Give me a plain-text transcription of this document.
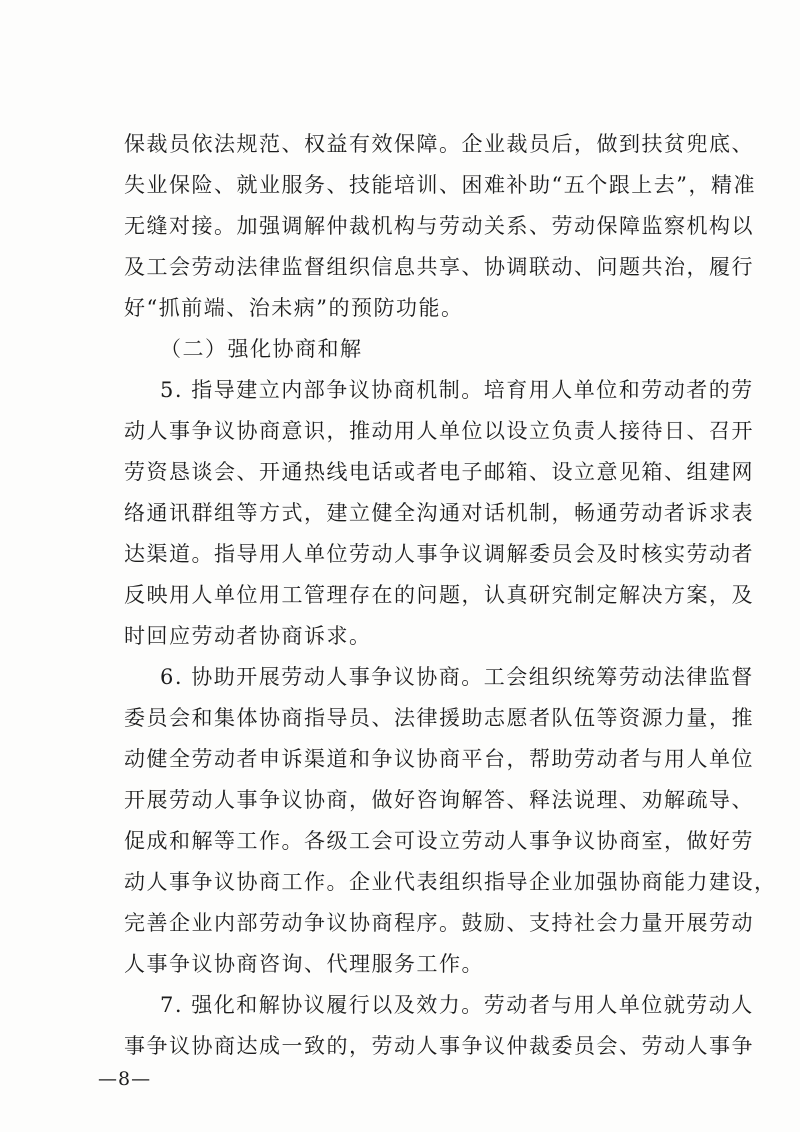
保裁员依法规范、权益有效保障。企业裁员后，做到扶贫兜底、
失业保险、就业服务、技能培训、困难补助“五个跟上去”，精准
无缝对接。加强调解仲裁机构与劳动关系、劳动保障监察机构以
及工会劳动法律监督组织信息共享、协调联动、问题共治，履行
好“抓前端、治未病”的预防功能。
（二）强化协商和解
5. 指导建立内部争议协商机制。培育用人单位和劳动者的劳
动人事争议协商意识，推动用人单位以设立负责人接待日、召开
劳资恳谈会、开通热线电话或者电子邮箱、设立意见箱、组建网
络通讯群组等方式，建立健全沟通对话机制，畅通劳动者诉求表
达渠道。指导用人单位劳动人事争议调解委员会及时核实劳动者
反映用人单位用工管理存在的问题，认真研究制定解决方案，及
时回应劳动者协商诉求。
6. 协助开展劳动人事争议协商。工会组织统筹劳动法律监督
委员会和集体协商指导员、法律援助志愿者队伍等资源力量，推
动健全劳动者申诉渠道和争议协商平台，帮助劳动者与用人单位
开展劳动人事争议协商，做好咨询解答、释法说理、劝解疏导、
促成和解等工作。各级工会可设立劳动人事争议协商室，做好劳
动人事争议协商工作。企业代表组织指导企业加强协商能力建设，
完善企业内部劳动争议协商程序。鼓励、支持社会力量开展劳动
人事争议协商咨询、代理服务工作。
7. 强化和解协议履行以及效力。劳动者与用人单位就劳动人
事争议协商达成一致的，劳动人事争议仲裁委员会、劳动人事争
—8—
